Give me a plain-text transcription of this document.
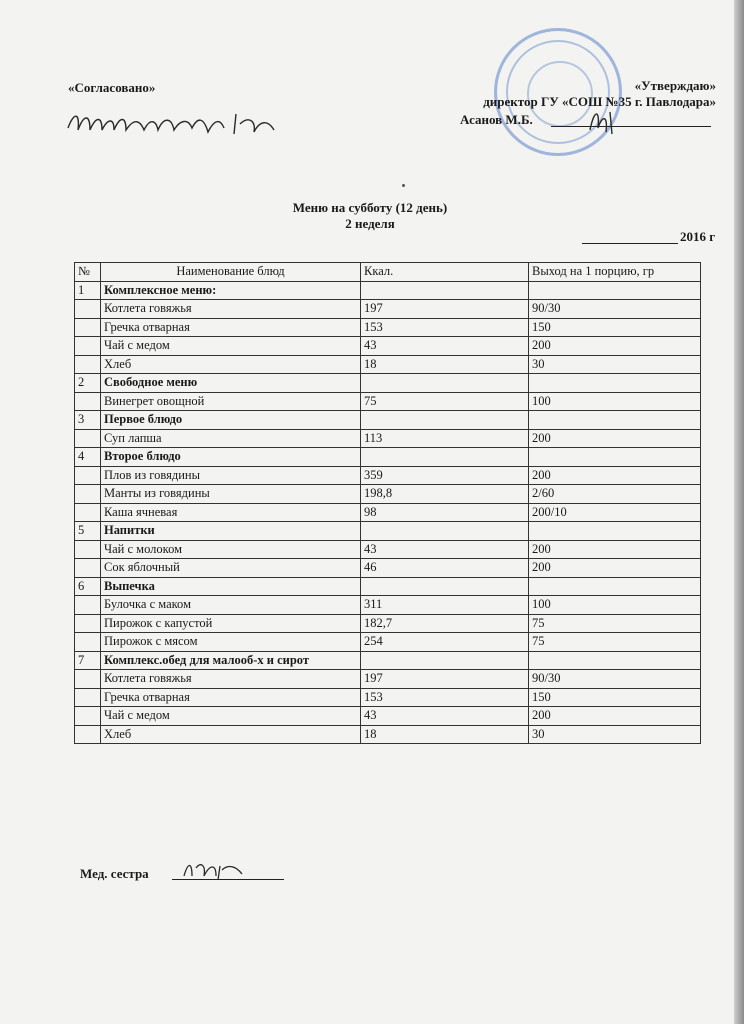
«Согласовано»	«Утверждаю»
директор ГУ «СОШ №35 г. Павлодара»
Асанов М.Б.
Меню на субботу (12 день)
2 неделя
2016 г
№	Наименование блюд	Ккал.	Выход на 1 порцию, гр
1	Комплексное меню:		
	Котлета говяжья	197	90/30
	Гречка отварная	153	150
	Чай с медом	43	200
	Хлеб	18	30
2	Свободное меню		
	Винегрет овощной	75	100
3	Первое блюдо		
	Суп лапша	113	200
4	Второе блюдо		
	Плов из говядины	359	200
	Манты из говядины	198,8	2/60
	Каша ячневая	98	200/10
5	Напитки		
	Чай с молоком	43	200
	Сок яблочный	46	200
6	Выпечка		
	Булочка с маком	311	100
	Пирожок с капустой	182,7	75
	Пирожок с мясом	254	75
7	Комплекс.обед для малооб-х и сирот		
	Котлета говяжья	197	90/30
	Гречка отварная	153	150
	Чай с медом	43	200
	Хлеб	18	30
Мед. сестра
